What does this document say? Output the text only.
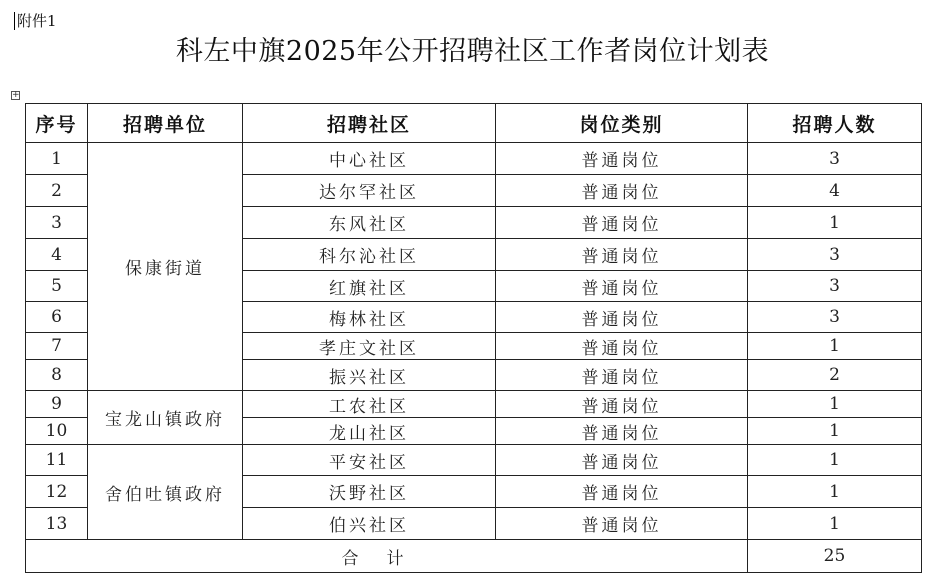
附件1
科左中旗2025年公开招聘社区工作者岗位计划表
+
序号	招聘单位	招聘社区	岗位类别	招聘人数
1	保康街道	中心社区	普通岗位	3
2		达尔罕社区	普通岗位	4
3		东风社区	普通岗位	1
4		科尔沁社区	普通岗位	3
5		红旗社区	普通岗位	3
6		梅林社区	普通岗位	3
7		孝庄文社区	普通岗位	1
8		振兴社区	普通岗位	2
9	宝龙山镇政府	工农社区	普通岗位	1
10		龙山社区	普通岗位	1
11	舍伯吐镇政府	平安社区	普通岗位	1
12		沃野社区	普通岗位	1
13		伯兴社区	普通岗位	1
合计				25
